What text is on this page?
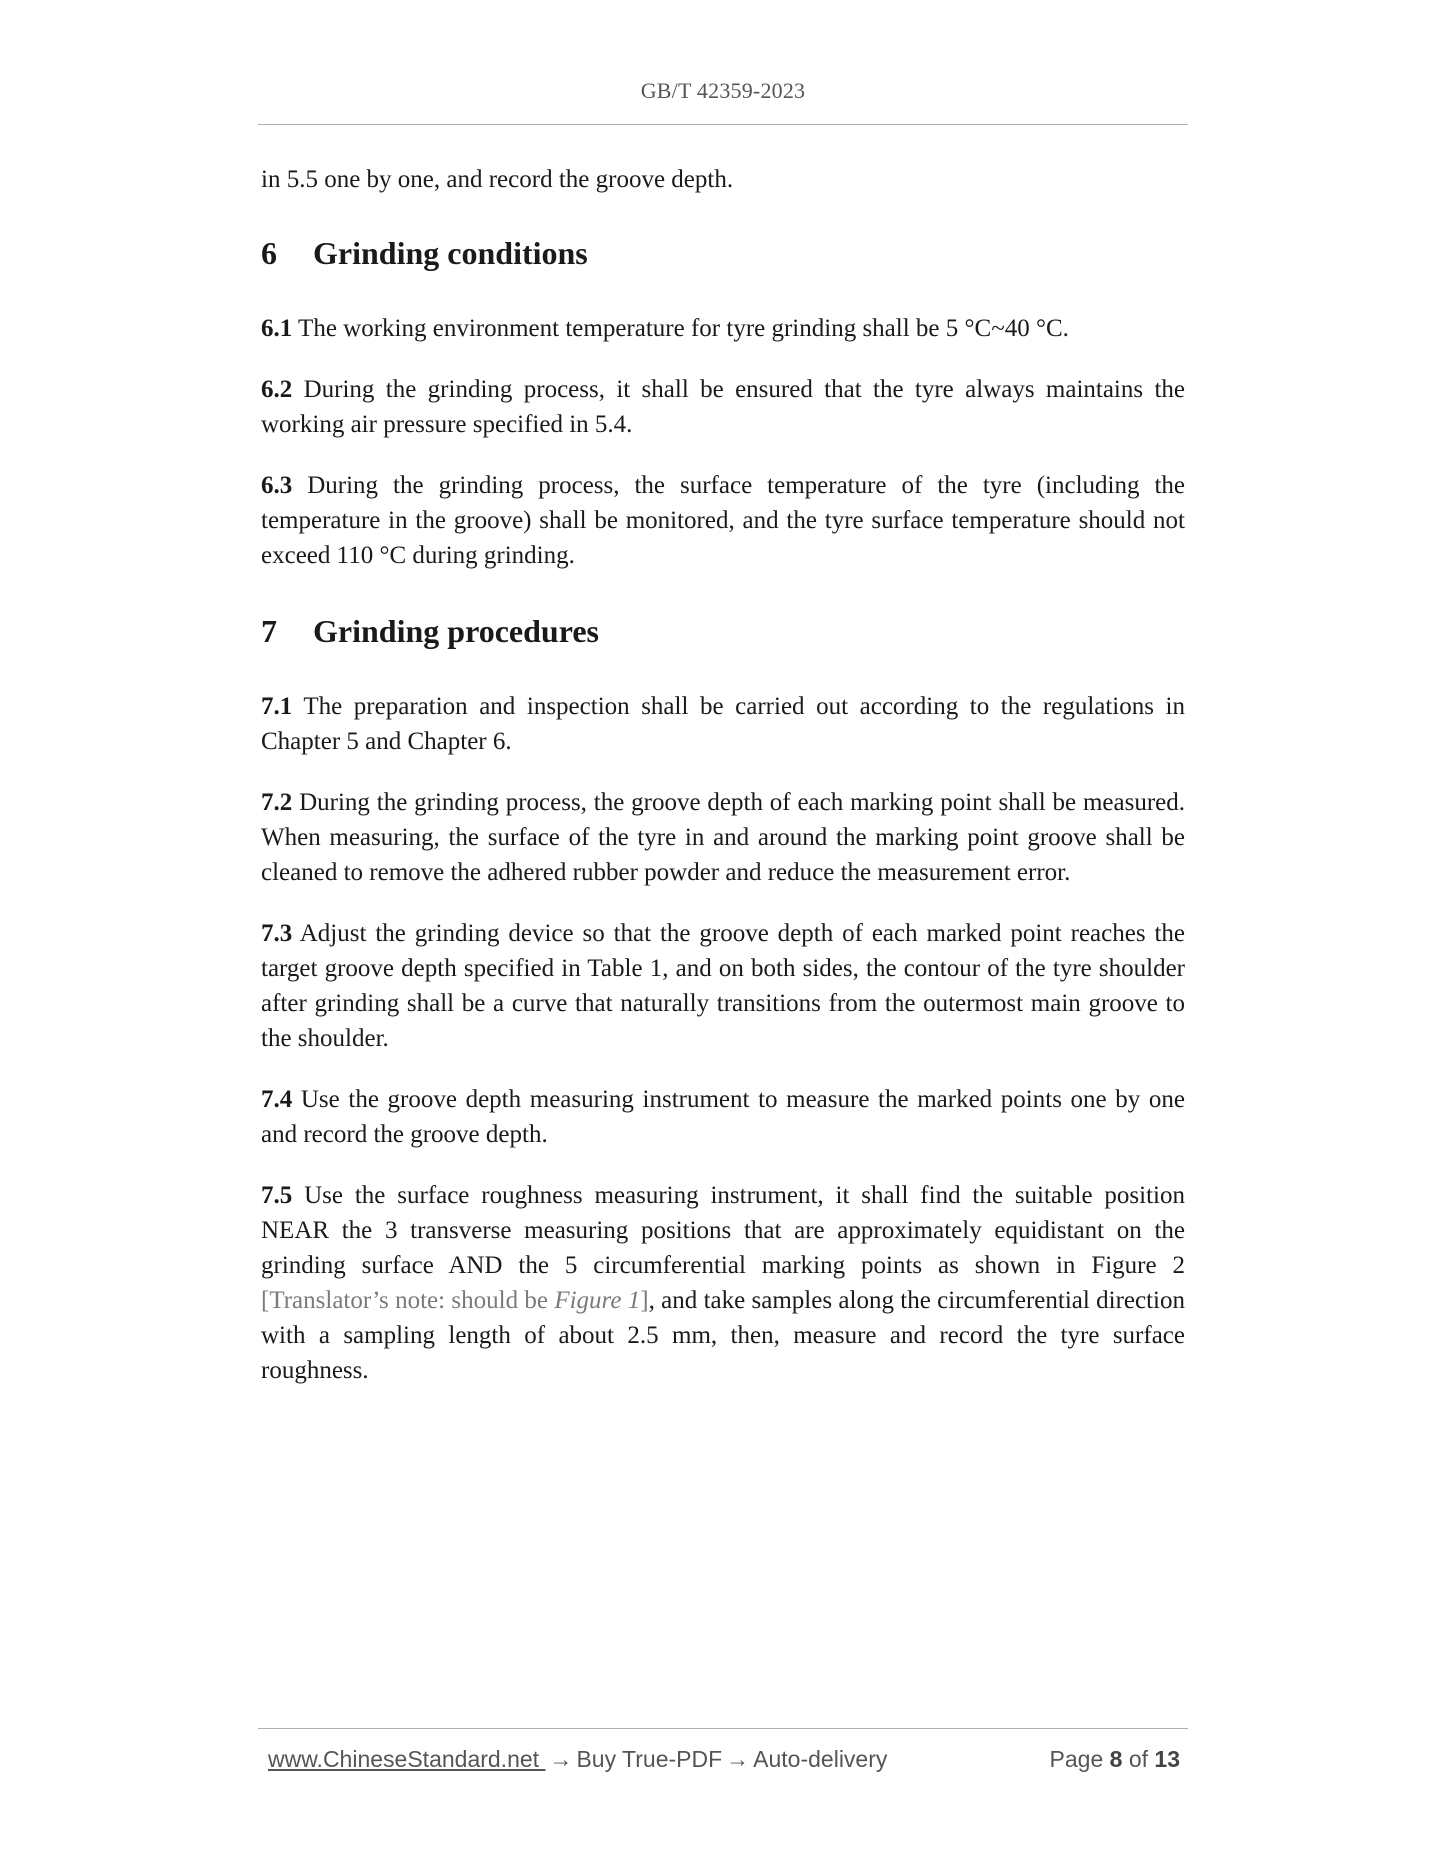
GB/T 42359-2023

in 5.5 one by one, and record the groove depth.

6 Grinding conditions

6.1 The working environment temperature for tyre grinding shall be 5 °C~40 °C.

6.2 During the grinding process, it shall be ensured that the tyre always maintains the working air pressure specified in 5.4.

6.3 During the grinding process, the surface temperature of the tyre (including the temperature in the groove) shall be monitored, and the tyre surface temperature should not exceed 110 °C during grinding.

7 Grinding procedures

7.1 The preparation and inspection shall be carried out according to the regulations in Chapter 5 and Chapter 6.

7.2 During the grinding process, the groove depth of each marking point shall be measured. When measuring, the surface of the tyre in and around the marking point groove shall be cleaned to remove the adhered rubber powder and reduce the measurement error.

7.3 Adjust the grinding device so that the groove depth of each marked point reaches the target groove depth specified in Table 1, and on both sides, the contour of the tyre shoulder after grinding shall be a curve that naturally transitions from the outermost main groove to the shoulder.

7.4 Use the groove depth measuring instrument to measure the marked points one by one and record the groove depth.

7.5 Use the surface roughness measuring instrument, it shall find the suitable position NEAR the 3 transverse measuring positions that are approximately equidistant on the grinding surface AND the 5 circumferential marking points as shown in Figure 2 [Translator’s note: should be Figure 1], and take samples along the circumferential direction with a sampling length of about 2.5 mm, then, measure and record the tyre surface roughness.

www.ChineseStandard.net → Buy True-PDF → Auto-delivery	Page 8 of 13
